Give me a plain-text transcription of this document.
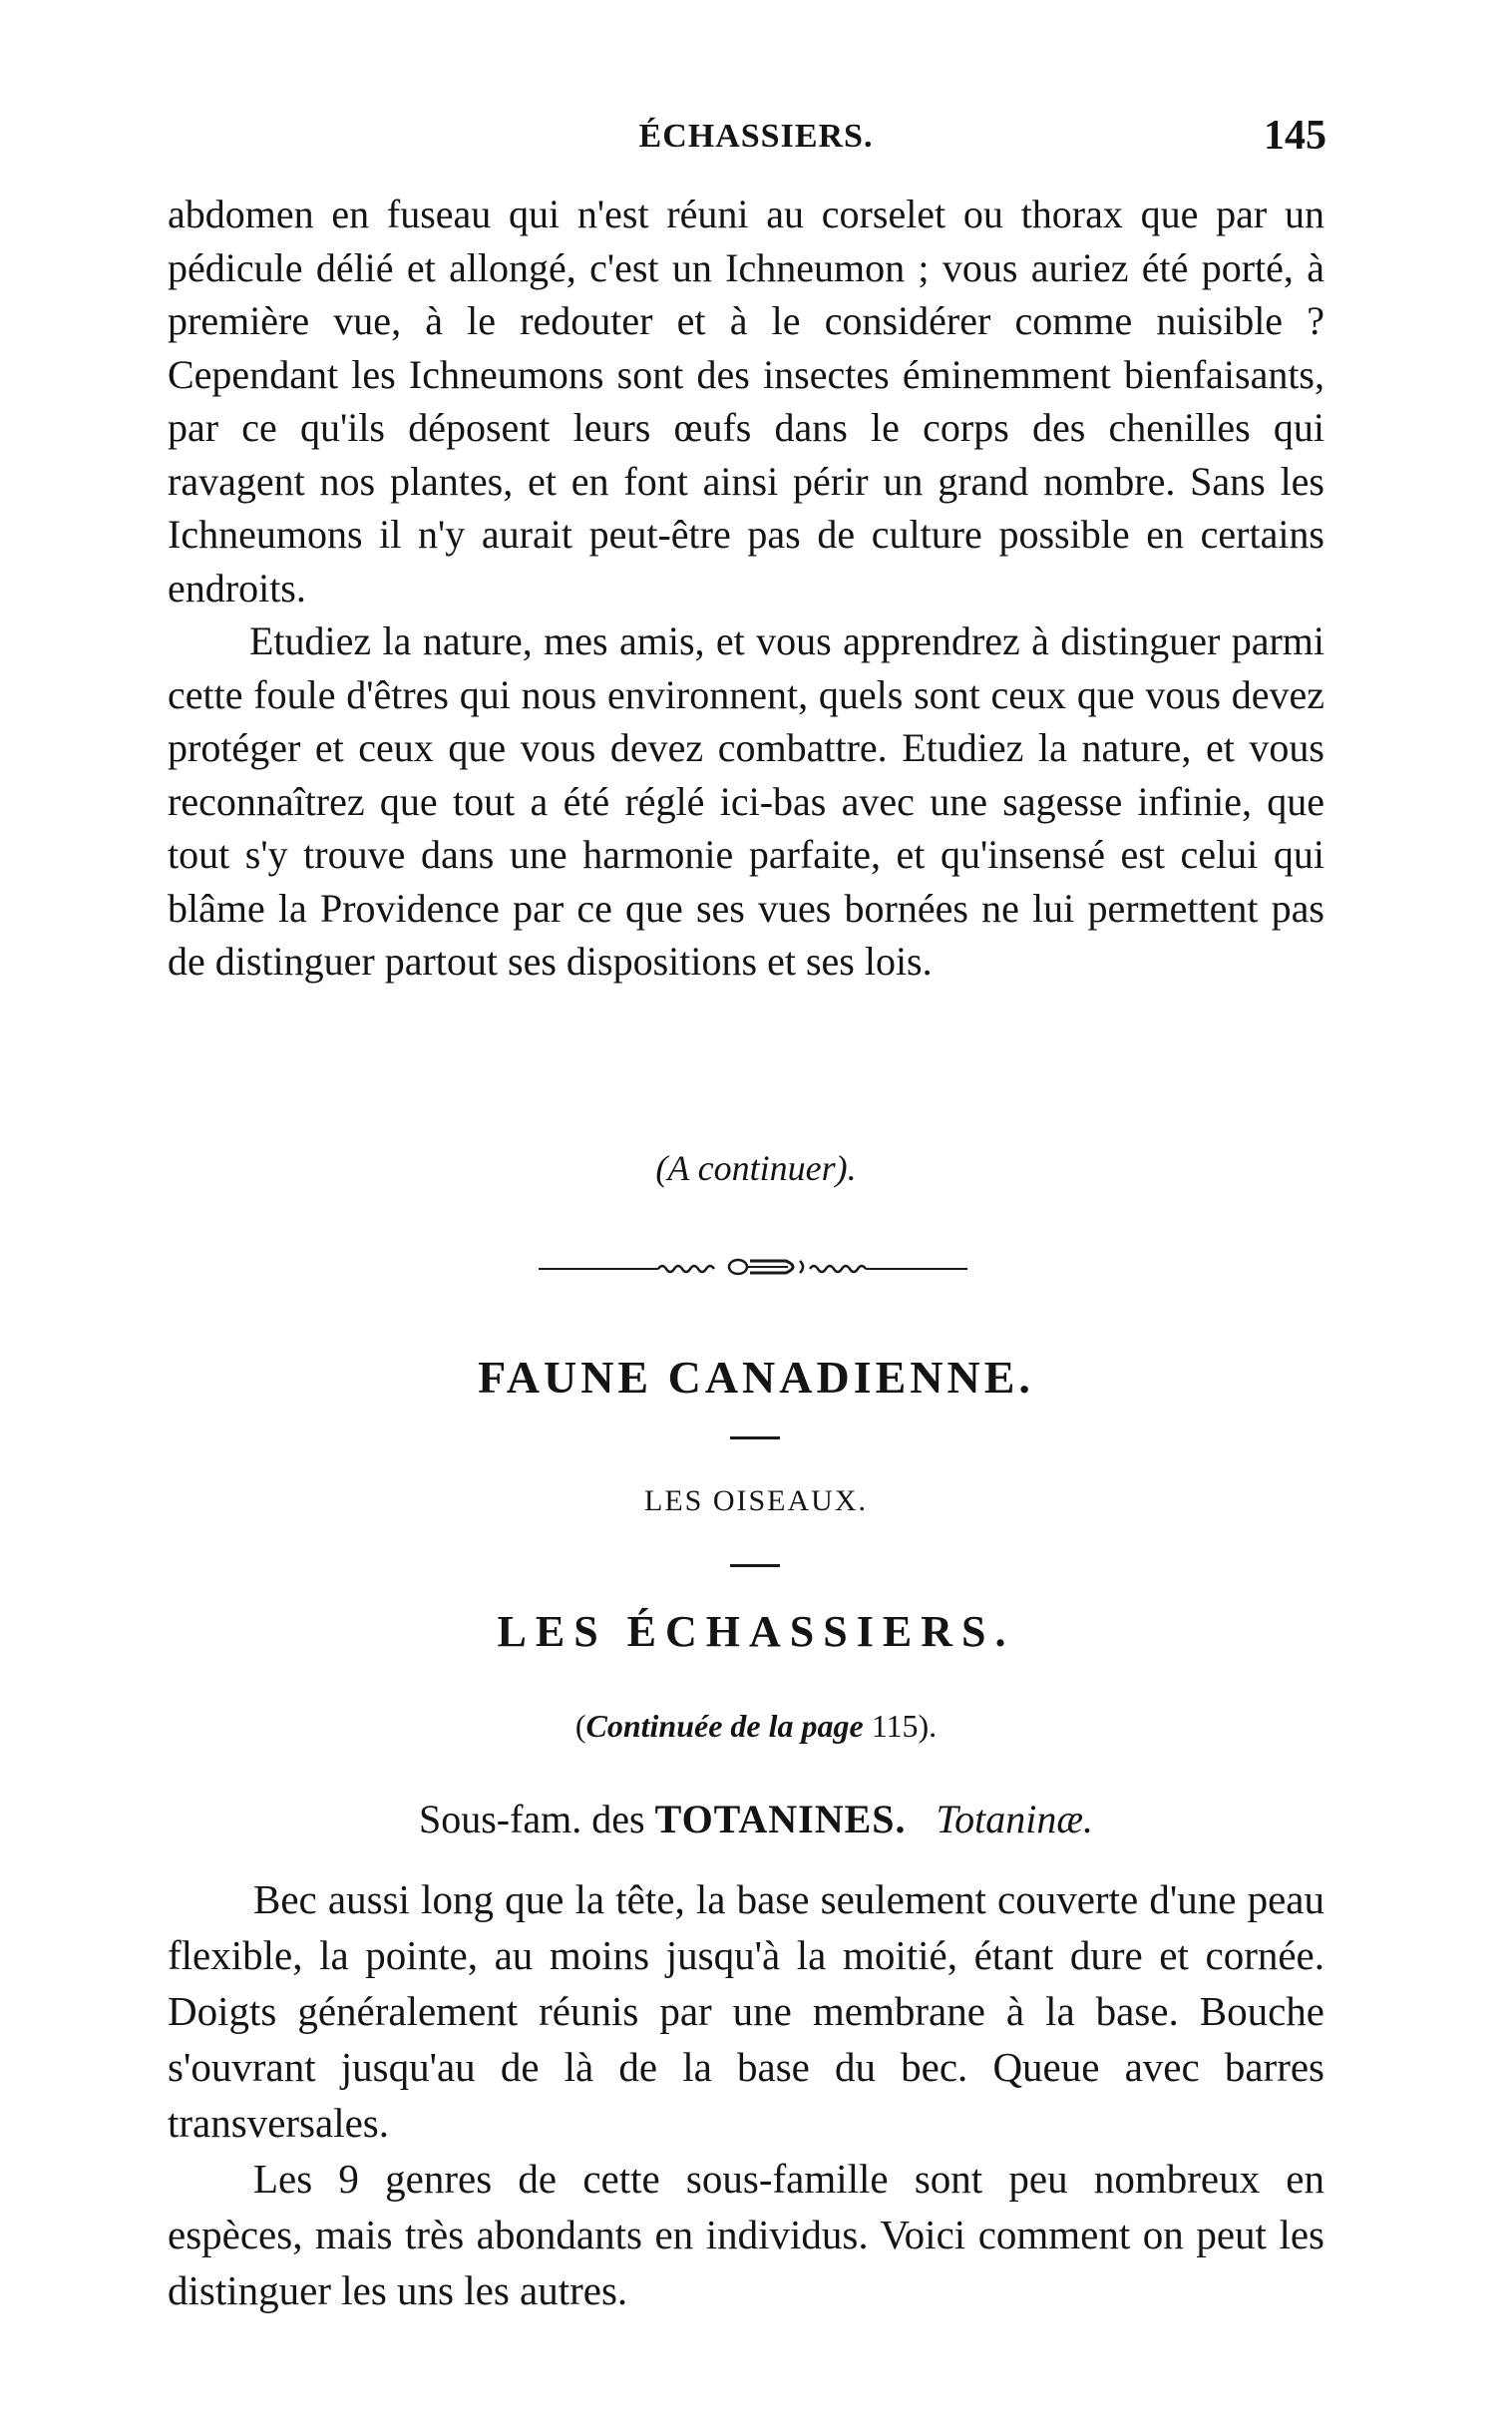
ÉCHASSIERS.	145

abdomen en fuseau qui n'est réuni au corselet ou thorax que par un pédicule délié et allongé, c'est un Ichneumon ; vous auriez été porté, à première vue, à le redouter et à le considérer comme nuisible ? Cependant les Ichneumons sont des insectes éminemment bienfaisants, par ce qu'ils déposent leurs œufs dans le corps des chenilles qui ravagent nos plantes, et en font ainsi périr un grand nombre. Sans les Ichneumons il n'y aurait peut-être pas de culture possible en certains endroits.

Etudiez la nature, mes amis, et vous apprendrez à distinguer parmi cette foule d'êtres qui nous environnent, quels sont ceux que vous devez protéger et ceux que vous devez combattre. Etudiez la nature, et vous reconnaîtrez que tout a été réglé ici-bas avec une sagesse infinie, que tout s'y trouve dans une harmonie parfaite, et qu'insensé est celui qui blâme la Providence par ce que ses vues bornées ne lui permettent pas de distinguer partout ses dispositions et ses lois.

(A continuer).
FAUNE CANADIENNE.
LES OISEAUX.
LES ÉCHASSIERS.
(Continuée de la page 115).
Sous-fam. des TOTANINES. Totaninæ.

Bec aussi long que la tête, la base seulement couverte d'une peau flexible, la pointe, au moins jusqu'à la moitié, étant dure et cornée. Doigts généralement réunis par une membrane à la base. Bouche s'ouvrant jusqu'au de là de la base du bec. Queue avec barres transversales.

Les 9 genres de cette sous-famille sont peu nombreux en espèces, mais très abondants en individus. Voici comment on peut les distinguer les uns les autres.
